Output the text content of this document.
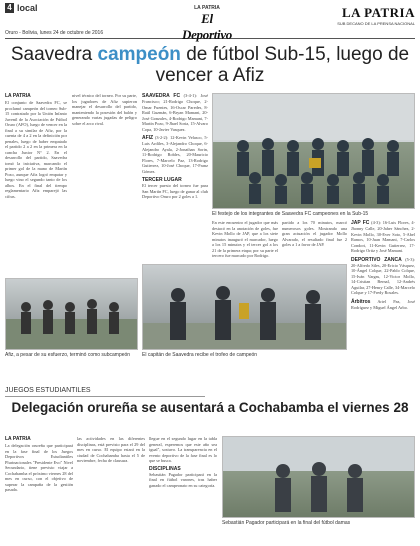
4 local
Oruro - Bolivia, lunes 24 de octubre de 2016
LA PATRIA
El Deportivo
LA PATRIA
SUB DECANO DE LA PRENSA NACIONAL
Saavedra campeón de fútbol Sub-15, luego de vencer a Afiz
LA PATRIA
El conjunto de Saavedra FC, se proclamó campeón del torneo Sub-15 contratado por la Unión Infanto Juvenil de la Asociación de Fútbol Oruro (AFO), luego de vencer en la final a su similar de Afiz, por la cuenta de 4 a 2 en la definición por penales, luego de haber empatado el partido 2 a 2 en la primera en la cancha Junior N° 2. En el desarrollo del partido, Saavedra tomó la iniciativa, marcando el primer gol de la mano de Martín Pozo, aunque Afiz logró empatar y luego vino el segundo tanto de los albos. En el final del tiempo reglamentario Afiz emparejó las cifras.
Afiz, a pesar de su esfuerzo, terminó como subcampeón
nivel técnico del torneo. Por su parte, los jugadores de Afiz supieron manejar el desarrollo del partido, manteniendo la posesión del balón y generando varias jugadas de peligro sobre el arco rival.
SAAVEDRA FC (3-4-1): José Francisco; 21-Rodrigo Choque, 2-Omar Fuentes, 16-Oscar Paredes, 8-Raúl Guzmán, 6-Bryan Mamani, 20-José Gonzales, 4-Rodrigo Mamani, 7-Martín Pozo, 9-Jhael Soria, 15-Alvaro Copa, 10-Javier Vasquez.
AFIZ (3-2-2): 12-Kevin Velasco, 5-Luis Ardiles, 3-Alejandro Choque, 6-Alejandro Ayala, 2-Jonathan Sorin, 11-Rodrigo Robles, 20-Mauricio Flores, 7-Marcelo Paz, 13-Rodrigo Gutierrez, 10-José Choque, 17-Franz Gómez.
TERCER LUGAR
El tercer puesto del torneo fue para San Martín FC, luego de ganar al club Deportivo Oruro por 2 goles a 1.
El festejo de los integrantes de Saavedra FC campeones en la Sub-15
En este encuentro el jugador que más destacó en la anotación de goles, fue Kevin Mollo de JAP, que a los siete minutos inauguró el marcador, luego a los 15 minutos y el tercer gol a los 21 de la primera etapa; por su parte el tercero fue marcado por Rodrigo.
partido a los 70 minutos, marcó numerosos goles. Mostrando una gran actuación el jugador Mollo Alvarado, el resultado final fue 2 goles a 1 a favor de JAP.
El capitán de Saavedra recibe el trofeo de campeón
JAP FC (4-3): 16-Luis Flores, 4-Jhonny Calle, 20-Jaher Sánchez, 2-Kevin Mollo, 30-Ever Soto, 5-Abel Ramos, 10-Juan Mamani, 7-Carlos Condori, 11-Kevin Gutierrez, 17-Rodrigo Ortiz y José Mamani.
DEPORTIVO ZANCA (5-3): 20-Alfredo Siles, 20-Ericio Vásquez, 10-Ángel Colque, 22-Pablo Colque, 15-Iván Vargas, 12-Victor Mollo, 14-Cristian Bernal, 12-Andrés Aguilar, 27-Henry Calle, 34-Marcelo Colque y 17-Fredy Rosales.
Árbitros Ariel Paz, José Rodríguez y Miguel Ángel Arbo.
JUEGOS ESTUDIANTILES
Delegación orureña se ausentará a Cochabamba el viernes 28
LA PATRIA
La delegación orureña que participará en la fase final de los Juegos Deportivos Estudiantiles Plurinacionales "Presidente Evo" Nivel Secundario, tiene previsto viajar a Cochabamba el próximo viernes 28 del mes en curso, con el objetivo de superar la campaña de la gestión pasada.
las actividades en las diferentes disciplinas, está previsto para el 29 del mes en curso. El equipo estará en la ciudad de Cochabamba hasta el 5 de noviembre, fecha de clausura.
llegue en el segundo lugar en la tabla general, esperemos que este año sea igual", sostuvo. La transparencia en el evento deportivo de la fase final es lo que se busca.
DISCIPLINAS
Sebastián Pagador participará en la final en fútbol varones, tras haber ganado el campeonato en su categoría.
Sebastián Pagador participará en la final del fútbol damas
